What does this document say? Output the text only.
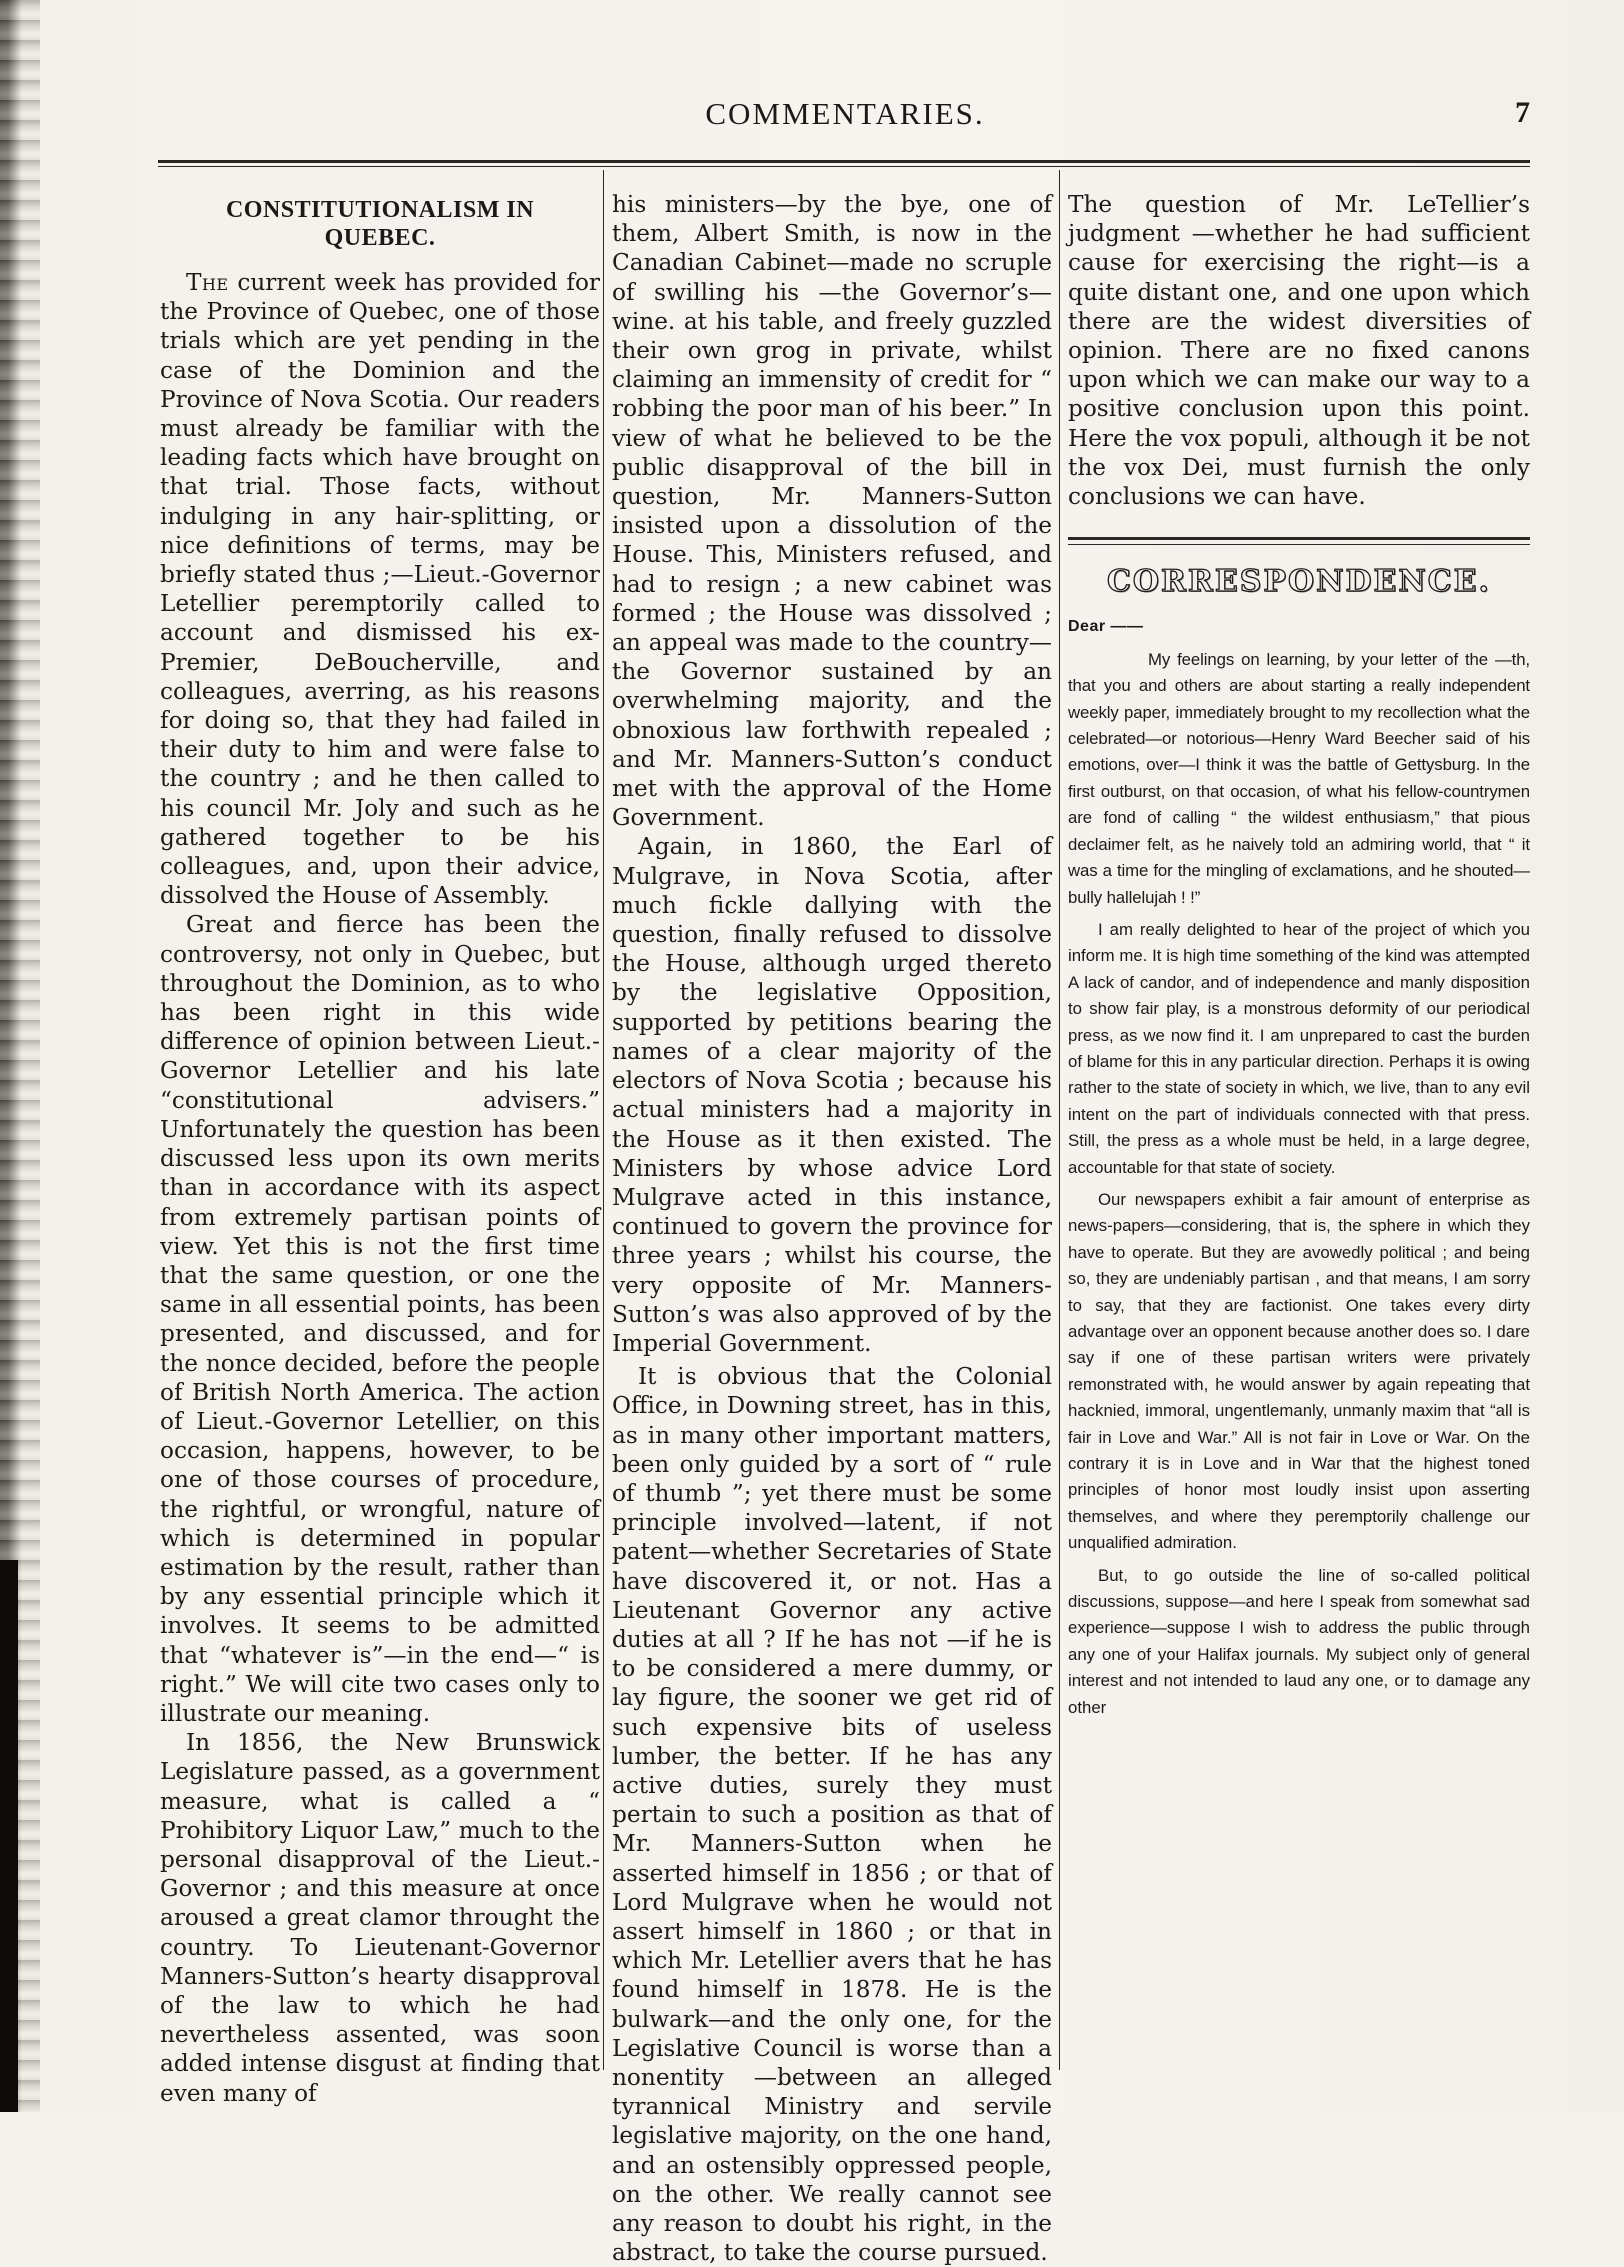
COMMENTARIES.	7
CONSTITUTIONALISM IN
QUEBEC.

The current week has provided for the Province of Quebec, one of those trials which are yet pending in the case of the Dominion and the Province of Nova Scotia. Our readers must already be familiar with the leading facts which have brought on that trial. Those facts, without indulging in any hair-splitting, or nice definitions of terms, may be briefly stated thus ;—Lieut.-Governor Letellier peremptorily called to account and dismissed his ex-Premier, DeBoucherville, and colleagues, averring, as his reasons for doing so, that they had failed in their duty to him and were false to the country ; and he then called to his council Mr. Joly and such as he gathered together to be his colleagues, and, upon their advice, dissolved the House of Assembly.

Great and fierce has been the controversy, not only in Quebec, but throughout the Dominion, as to who has been right in this wide difference of opinion between Lieut.-Governor Letellier and his late “constitutional advisers.” Unfortunately the question has been discussed less upon its own merits than in accordance with its aspect from extremely partisan points of view. Yet this is not the first time that the same question, or one the same in all essential points, has been presented, and discussed, and for the nonce decided, before the people of British North America. The action of Lieut.-Governor Letellier, on this occasion, happens, however, to be one of those courses of procedure, the rightful, or wrongful, nature of which is determined in popular estimation by the result, rather than by any essential principle which it involves. It seems to be admitted that “whatever is”—in the end—“ is right.” We will cite two cases only to illustrate our meaning.

In 1856, the New Brunswick Legislature passed, as a government measure, what is called a “ Prohibitory Liquor Law,” much to the personal disapproval of the Lieut.-Governor ; and this measure at once aroused a great clamor throught the country. To Lieutenant-Governor Manners-Sutton’s hearty disapproval of the law to which he had nevertheless assented, was soon added intense disgust at finding that even many of

his ministers—by the bye, one of them, Albert Smith, is now in the Canadian Cabinet—made no scruple of swilling his —the Governor’s—wine. at his table, and freely guzzled their own grog in private, whilst claiming an immensity of credit for “ robbing the poor man of his beer.” In view of what he believed to be the public disapproval of the bill in question, Mr. Manners-Sutton insisted upon a dissolution of the House. This, Ministers refused, and had to resign ; a new cabinet was formed ; the House was dissolved ; an appeal was made to the country—the Governor sustained by an overwhelming majority, and the obnoxious law forthwith repealed ; and Mr. Manners-Sutton’s conduct met with the approval of the Home Government.

Again, in 1860, the Earl of Mulgrave, in Nova Scotia, after much fickle dallying with the question, finally refused to dissolve the House, although urged thereto by the legislative Opposition, supported by petitions bearing the names of a clear majority of the electors of Nova Scotia ; because his actual ministers had a majority in the House as it then existed. The Ministers by whose advice Lord Mulgrave acted in this instance, continued to govern the province for three years ; whilst his course, the very opposite of Mr. Manners-Sutton’s was also approved of by the Imperial Government.

It is obvious that the Colonial Office, in Downing street, has in this, as in many other important matters, been only guided by a sort of “ rule of thumb ”; yet there must be some principle involved—latent, if not patent—whether Secretaries of State have discovered it, or not. Has a Lieutenant Governor any active duties at all ? If he has not —if he is to be considered a mere dummy, or lay figure, the sooner we get rid of such expensive bits of useless lumber, the better. If he has any active duties, surely they must pertain to such a position as that of Mr. Manners-Sutton when he asserted himself in 1856 ; or that of Lord Mulgrave when he would not assert himself in 1860 ; or that in which Mr. Letellier avers that he has found himself in 1878. He is the bulwark—and the only one, for the Legislative Council is worse than a nonentity —between an alleged tyrannical Ministry and servile legislative majority, on the one hand, and an ostensibly oppressed people, on the other. We really cannot see any reason to doubt his right, in the abstract, to take the course pursued.

The question of Mr. LeTellier’s judgment —whether he had sufficient cause for exercising the right—is a quite distant one, and one upon which there are the widest diversities of opinion. There are no fixed canons upon which we can make our way to a positive conclusion upon this point. Here the vox populi, although it be not the vox Dei, must furnish the only conclusions we can have.

CORRESPONDENCE.

Dear ——

My feelings on learning, by your letter of the —th, that you and others are about starting a really independent weekly paper, immediately brought to my recollection what the celebrated—or notorious—Henry Ward Beecher said of his emotions, over—I think it was the battle of Gettysburg. In the first outburst, on that occasion, of what his fellow-countrymen are fond of calling “ the wildest enthusiasm,” that pious declaimer felt, as he naively told an admiring world, that “ it was a time for the mingling of exclamations, and he shouted—bully hallelujah ! !”

I am really delighted to hear of the project of which you inform me. It is high time something of the kind was attempted A lack of candor, and of independence and manly disposition to show fair play, is a monstrous deformity of our periodical press, as we now find it. I am unprepared to cast the burden of blame for this in any particular direction. Perhaps it is owing rather to the state of society in which, we live, than to any evil intent on the part of individuals connected with that press. Still, the press as a whole must be held, in a large degree, accountable for that state of society.

Our newspapers exhibit a fair amount of enterprise as news-papers—considering, that is, the sphere in which they have to operate. But they are avowedly political ; and being so, they are undeniably partisan , and that means, I am sorry to say, that they are factionist. One takes every dirty advantage over an opponent because another does so. I dare say if one of these partisan writers were privately remonstrated with, he would answer by again repeating that hacknied, immoral, ungentlemanly, unmanly maxim that “all is fair in Love and War.” All is not fair in Love or War. On the contrary it is in Love and in War that the highest toned principles of honor most loudly insist upon asserting themselves, and where they peremptorily challenge our unqualified admiration.

But, to go outside the line of so-called political discussions, suppose—and here I speak from somewhat sad experience—suppose I wish to address the public through any one of your Halifax journals. My subject only of general interest and not intended to laud any one, or to damage any other
